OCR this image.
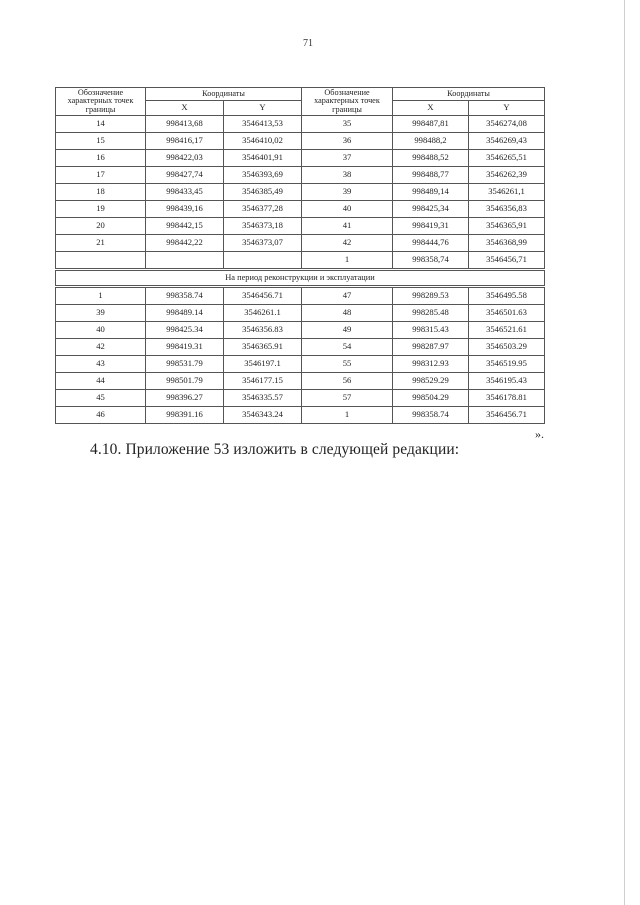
71
Обозначение характерных точек границы	Координаты		Обозначение характерных точек границы	Координаты	
	X	Y		X	Y
14	998413,68	3546413,53	35	998487,81	3546274,08
15	998416,17	3546410,02	36	998488,2	3546269,43
16	998422,03	3546401,91	37	998488,52	3546265,51
17	998427,74	3546393,69	38	998488,77	3546262,39
18	998433,45	3546385,49	39	998489,14	3546261,1
19	998439,16	3546377,28	40	998425,34	3546356,83
20	998442,15	3546373,18	41	998419,31	3546365,91
21	998442,22	3546373,07	42	998444,76	3546368,99
			1	998358,74	3546456,71
На период реконструкции и эксплуатации					
1	998358.74	3546456.71	47	998289.53	3546495.58
39	998489.14	3546261.1	48	998285.48	3546501.63
40	998425.34	3546356.83	49	998315.43	3546521.61
42	998419.31	3546365.91	54	998287.97	3546503.29
43	998531.79	3546197.1	55	998312.93	3546519.95
44	998501.79	3546177.15	56	998529.29	3546195.43
45	998396.27	3546335.57	57	998504.29	3546178.81
46	998391.16	3546343.24	1	998358.74	3546456.71
».
4.10. Приложение 53 изложить в следующей редакции:
